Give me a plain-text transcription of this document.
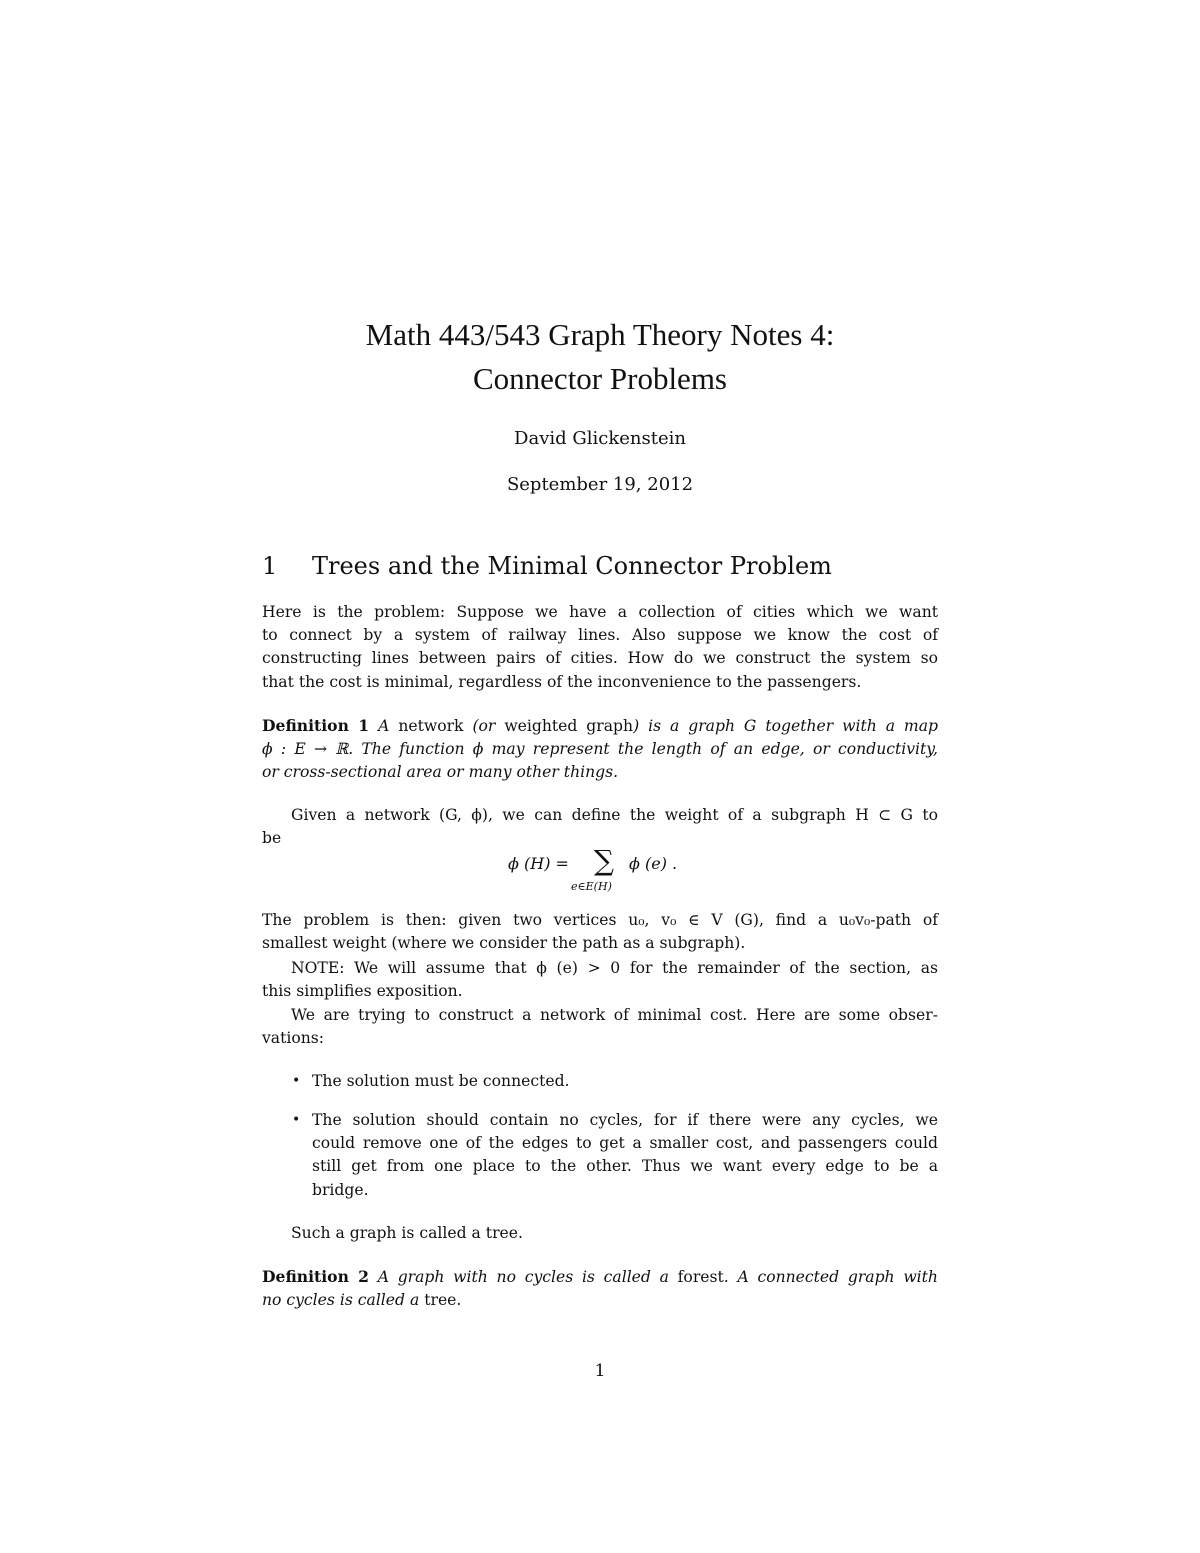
Math 443/543 Graph Theory Notes 4:
Connector Problems
David Glickenstein
September 19, 2012
1 Trees and the Minimal Connector Problem
Here is the problem: Suppose we have a collection of cities which we want
to connect by a system of railway lines. Also suppose we know the cost of
constructing lines between pairs of cities. How do we construct the system so
that the cost is minimal, regardless of the inconvenience to the passengers.
Definition 1 A network (or weighted graph) is a graph G together with a map
ϕ : E → ℝ. The function ϕ may represent the length of an edge, or conductivity,
or cross-sectional area or many other things.
Given a network (G, ϕ), we can define the weight of a subgraph H ⊂ G to
be
ϕ (H) = ∑
e∈E(H)
ϕ (e) .
The problem is then: given two vertices u₀, v₀ ∈ V (G), find a u₀v₀-path of
smallest weight (where we consider the path as a subgraph).
NOTE: We will assume that ϕ (e) > 0 for the remainder of the section, as
this simplifies exposition.
We are trying to construct a network of minimal cost. Here are some obser-
vations:
• The solution must be connected.
• The solution should contain no cycles, for if there were any cycles, we
could remove one of the edges to get a smaller cost, and passengers could
still get from one place to the other. Thus we want every edge to be a
bridge.
Such a graph is called a tree.
Definition 2 A graph with no cycles is called a forest. A connected graph with
no cycles is called a tree.
1
